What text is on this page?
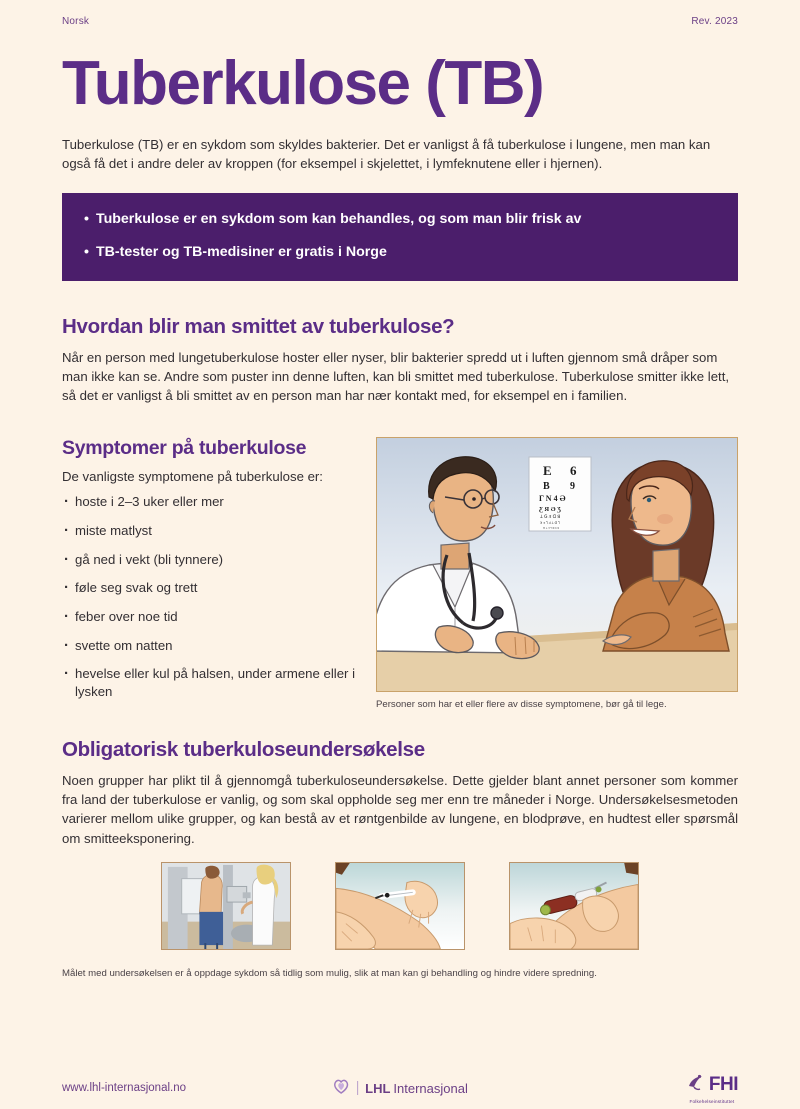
Norsk	Rev. 2023
Tuberkulose (TB)

Tuberkulose (TB) er en sykdom som skyldes bakterier. Det er vanligst å få tuberkulose i lungene, men man kan også få det i andre deler av kroppen (for eksempel i skjelettet, i lymfeknutene eller i hjernen).

• Tuberkulose er en sykdom som kan behandles, og som man blir frisk av
• TB-tester og TB-medisiner er gratis i Norge
Hvordan blir man smittet av tuberkulose?

Når en person med lungetuberkulose hoster eller nyser, blir bakterier spredd ut i luften gjennom små dråper som man ikke kan se. Andre som puster inn denne luften, kan bli smittet med tuberkulose. Tuberkulose smitter ikke lett, så det er vanligst å bli smittet av en person man har nær kontakt med, for eksempel en i familien.

Symptomer på tuberkulose
De vanligste symptomene på tuberkulose er:
· hoste i 2–3 uker eller mer
· miste matlyst
· gå ned i vekt (bli tynnere)
· føle seg svak og trett
· feber over noe tid
· svette om natten
· hevelse eller kul på halsen, under armene eller i lysken
E 6
B 9
Γ N 4 Ә
Ƹ Я Ә Ʒ
ꓕ ꓖ Ǝ ꓷ ꓭ
ꓘ Ǝ ꓶ ꓒ ꓕ ꓖ ꓶ
ꓟ ꓕ Ǝ ꓶ ꓷ ꓗ ꓢ
Personer som har et eller flere av disse symptomene, bør gå til lege.
Obligatorisk tuberkuloseundersøkelse

Noen grupper har plikt til å gjennomgå tuberkuloseundersøkelse. Dette gjelder blant annet personer som kommer fra land der tuberkulose er vanlig, og som skal oppholde seg mer enn tre måneder i Norge. Undersøkelsesmetoden varierer mellom ulike grupper, og kan bestå av et røntgenbilde av lungene, en blodprøve, en hudtest eller spørsmål om smitteeksponering.

Målet med undersøkelsen er å oppdage sykdom så tidlig som mulig, slik at man kan gi behandling og hindre videre spredning.
www.lhl-internasjonal.no	LHL Internasjonal	FHI
Folkehelseinstituttet
